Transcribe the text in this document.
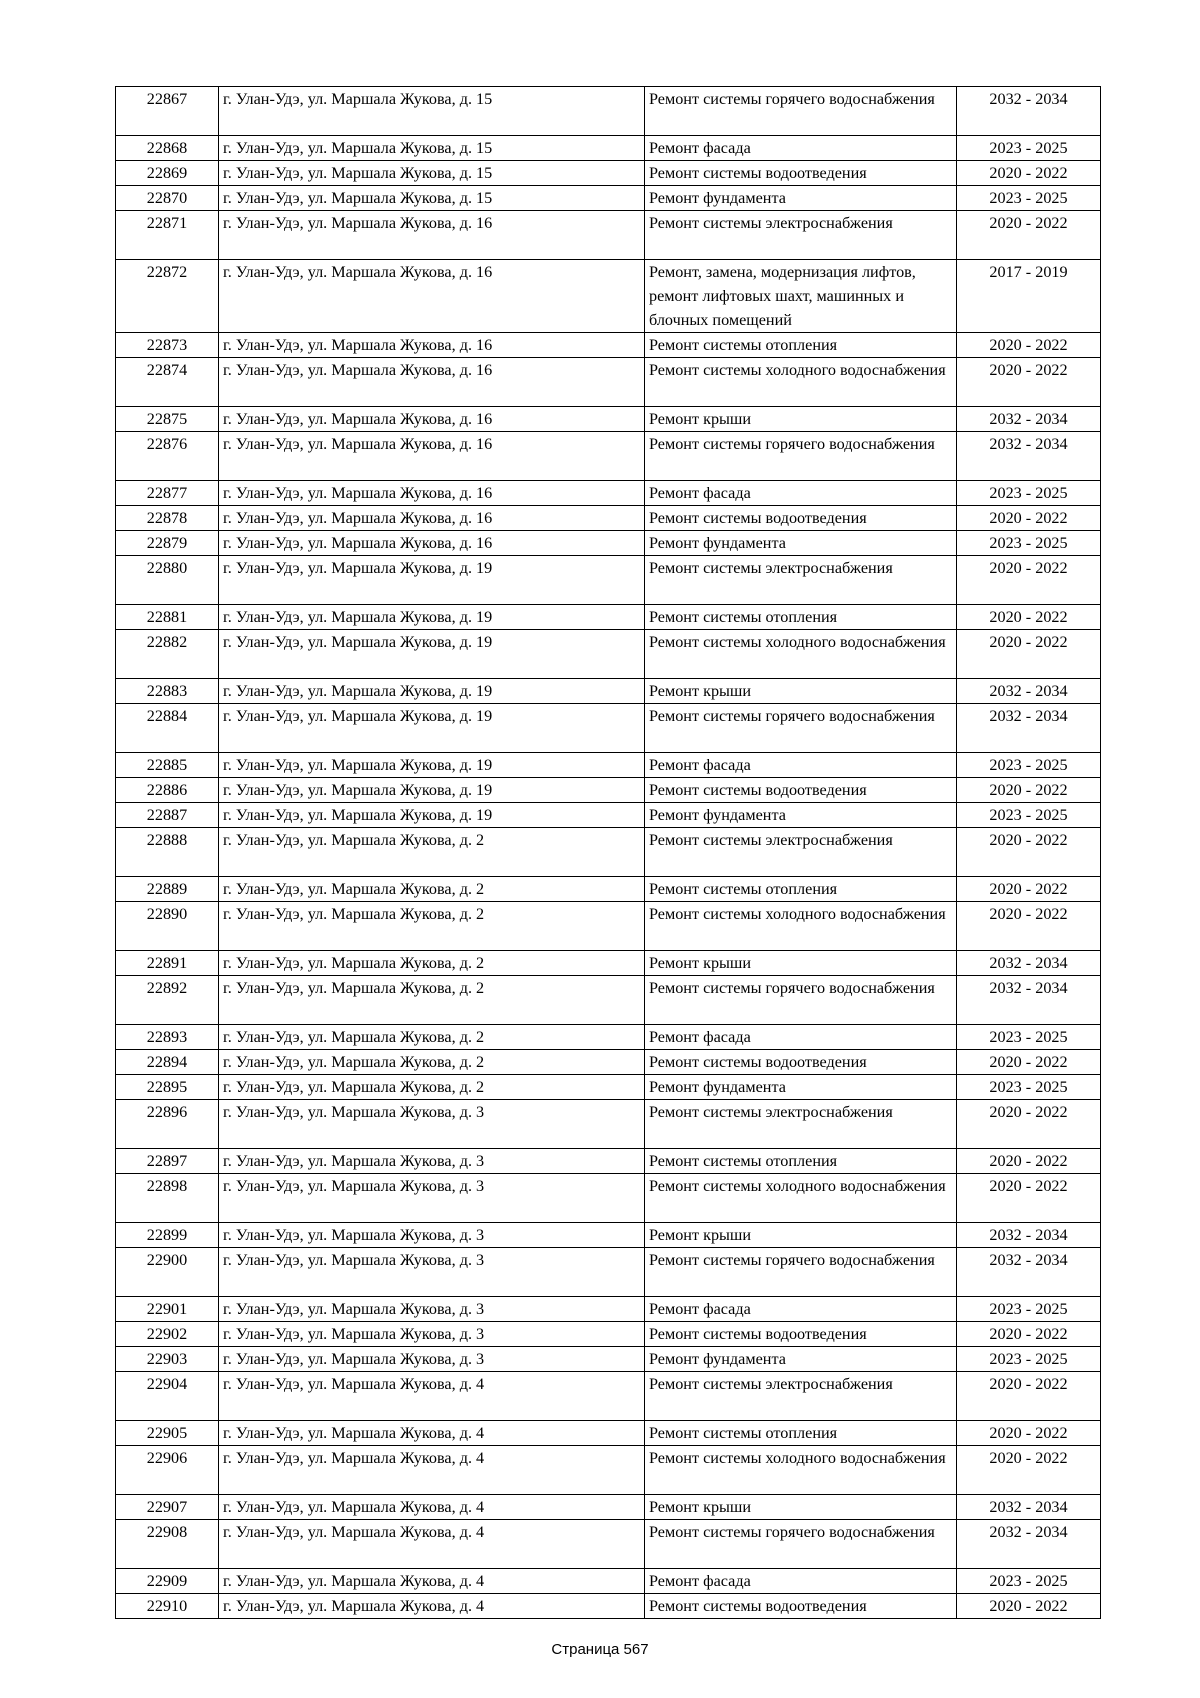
22867	г. Улан-Удэ, ул. Маршала Жукова, д. 15	Ремонт системы горячего водоснабжения	2032 - 2034
22868	г. Улан-Удэ, ул. Маршала Жукова, д. 15	Ремонт фасада	2023 - 2025
22869	г. Улан-Удэ, ул. Маршала Жукова, д. 15	Ремонт системы водоотведения	2020 - 2022
22870	г. Улан-Удэ, ул. Маршала Жукова, д. 15	Ремонт фундамента	2023 - 2025
22871	г. Улан-Удэ, ул. Маршала Жукова, д. 16	Ремонт системы электроснабжения	2020 - 2022
22872	г. Улан-Удэ, ул. Маршала Жукова, д. 16	Ремонт, замена, модернизация лифтов, ремонт лифтовых шахт, машинных и блочных помещений	2017 - 2019
22873	г. Улан-Удэ, ул. Маршала Жукова, д. 16	Ремонт системы отопления	2020 - 2022
22874	г. Улан-Удэ, ул. Маршала Жукова, д. 16	Ремонт системы холодного водоснабжения	2020 - 2022
22875	г. Улан-Удэ, ул. Маршала Жукова, д. 16	Ремонт крыши	2032 - 2034
22876	г. Улан-Удэ, ул. Маршала Жукова, д. 16	Ремонт системы горячего водоснабжения	2032 - 2034
22877	г. Улан-Удэ, ул. Маршала Жукова, д. 16	Ремонт фасада	2023 - 2025
22878	г. Улан-Удэ, ул. Маршала Жукова, д. 16	Ремонт системы водоотведения	2020 - 2022
22879	г. Улан-Удэ, ул. Маршала Жукова, д. 16	Ремонт фундамента	2023 - 2025
22880	г. Улан-Удэ, ул. Маршала Жукова, д. 19	Ремонт системы электроснабжения	2020 - 2022
22881	г. Улан-Удэ, ул. Маршала Жукова, д. 19	Ремонт системы отопления	2020 - 2022
22882	г. Улан-Удэ, ул. Маршала Жукова, д. 19	Ремонт системы холодного водоснабжения	2020 - 2022
22883	г. Улан-Удэ, ул. Маршала Жукова, д. 19	Ремонт крыши	2032 - 2034
22884	г. Улан-Удэ, ул. Маршала Жукова, д. 19	Ремонт системы горячего водоснабжения	2032 - 2034
22885	г. Улан-Удэ, ул. Маршала Жукова, д. 19	Ремонт фасада	2023 - 2025
22886	г. Улан-Удэ, ул. Маршала Жукова, д. 19	Ремонт системы водоотведения	2020 - 2022
22887	г. Улан-Удэ, ул. Маршала Жукова, д. 19	Ремонт фундамента	2023 - 2025
22888	г. Улан-Удэ, ул. Маршала Жукова, д. 2	Ремонт системы электроснабжения	2020 - 2022
22889	г. Улан-Удэ, ул. Маршала Жукова, д. 2	Ремонт системы отопления	2020 - 2022
22890	г. Улан-Удэ, ул. Маршала Жукова, д. 2	Ремонт системы холодного водоснабжения	2020 - 2022
22891	г. Улан-Удэ, ул. Маршала Жукова, д. 2	Ремонт крыши	2032 - 2034
22892	г. Улан-Удэ, ул. Маршала Жукова, д. 2	Ремонт системы горячего водоснабжения	2032 - 2034
22893	г. Улан-Удэ, ул. Маршала Жукова, д. 2	Ремонт фасада	2023 - 2025
22894	г. Улан-Удэ, ул. Маршала Жукова, д. 2	Ремонт системы водоотведения	2020 - 2022
22895	г. Улан-Удэ, ул. Маршала Жукова, д. 2	Ремонт фундамента	2023 - 2025
22896	г. Улан-Удэ, ул. Маршала Жукова, д. 3	Ремонт системы электроснабжения	2020 - 2022
22897	г. Улан-Удэ, ул. Маршала Жукова, д. 3	Ремонт системы отопления	2020 - 2022
22898	г. Улан-Удэ, ул. Маршала Жукова, д. 3	Ремонт системы холодного водоснабжения	2020 - 2022
22899	г. Улан-Удэ, ул. Маршала Жукова, д. 3	Ремонт крыши	2032 - 2034
22900	г. Улан-Удэ, ул. Маршала Жукова, д. 3	Ремонт системы горячего водоснабжения	2032 - 2034
22901	г. Улан-Удэ, ул. Маршала Жукова, д. 3	Ремонт фасада	2023 - 2025
22902	г. Улан-Удэ, ул. Маршала Жукова, д. 3	Ремонт системы водоотведения	2020 - 2022
22903	г. Улан-Удэ, ул. Маршала Жукова, д. 3	Ремонт фундамента	2023 - 2025
22904	г. Улан-Удэ, ул. Маршала Жукова, д. 4	Ремонт системы электроснабжения	2020 - 2022
22905	г. Улан-Удэ, ул. Маршала Жукова, д. 4	Ремонт системы отопления	2020 - 2022
22906	г. Улан-Удэ, ул. Маршала Жукова, д. 4	Ремонт системы холодного водоснабжения	2020 - 2022
22907	г. Улан-Удэ, ул. Маршала Жукова, д. 4	Ремонт крыши	2032 - 2034
22908	г. Улан-Удэ, ул. Маршала Жукова, д. 4	Ремонт системы горячего водоснабжения	2032 - 2034
22909	г. Улан-Удэ, ул. Маршала Жукова, д. 4	Ремонт фасада	2023 - 2025
22910	г. Улан-Удэ, ул. Маршала Жукова, д. 4	Ремонт системы водоотведения	2020 - 2022
Страница 567
